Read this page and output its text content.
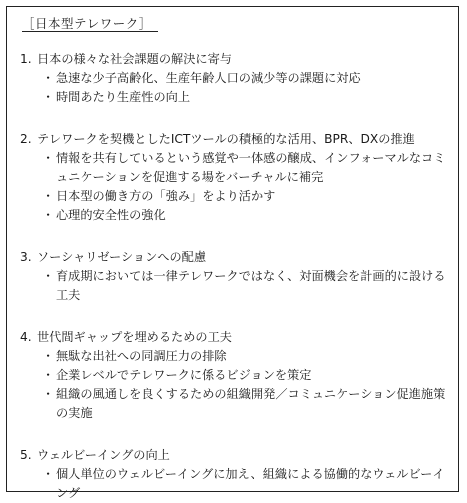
［日本型テレワーク］
1. 日本の様々な社会課題の解決に寄与
・ 急速な少子高齢化、生産年齢人口の減少等の課題に対応
・ 時間あたり生産性の向上
2. テレワークを契機としたICTツールの積極的な活用、BPR、DXの推進
・ 情報を共有しているという感覚や一体感の醸成、インフォーマルなコミュニケーションを促進する場をバーチャルに補完
・ 日本型の働き方の「強み」をより活かす
・ 心理的安全性の強化
3. ソーシャリゼーションへの配慮
・ 育成期においては一律テレワークではなく、対面機会を計画的に設ける工夫
4. 世代間ギャップを埋めるための工夫
・ 無駄な出社への同調圧力の排除
・ 企業レベルでテレワークに係るビジョンを策定
・ 組織の風通しを良くするための組織開発／コミュニケーション促進施策の実施
5. ウェルビーイングの向上
・ 個人単位のウェルビーイングに加え、組織による協働的なウェルビーイング
